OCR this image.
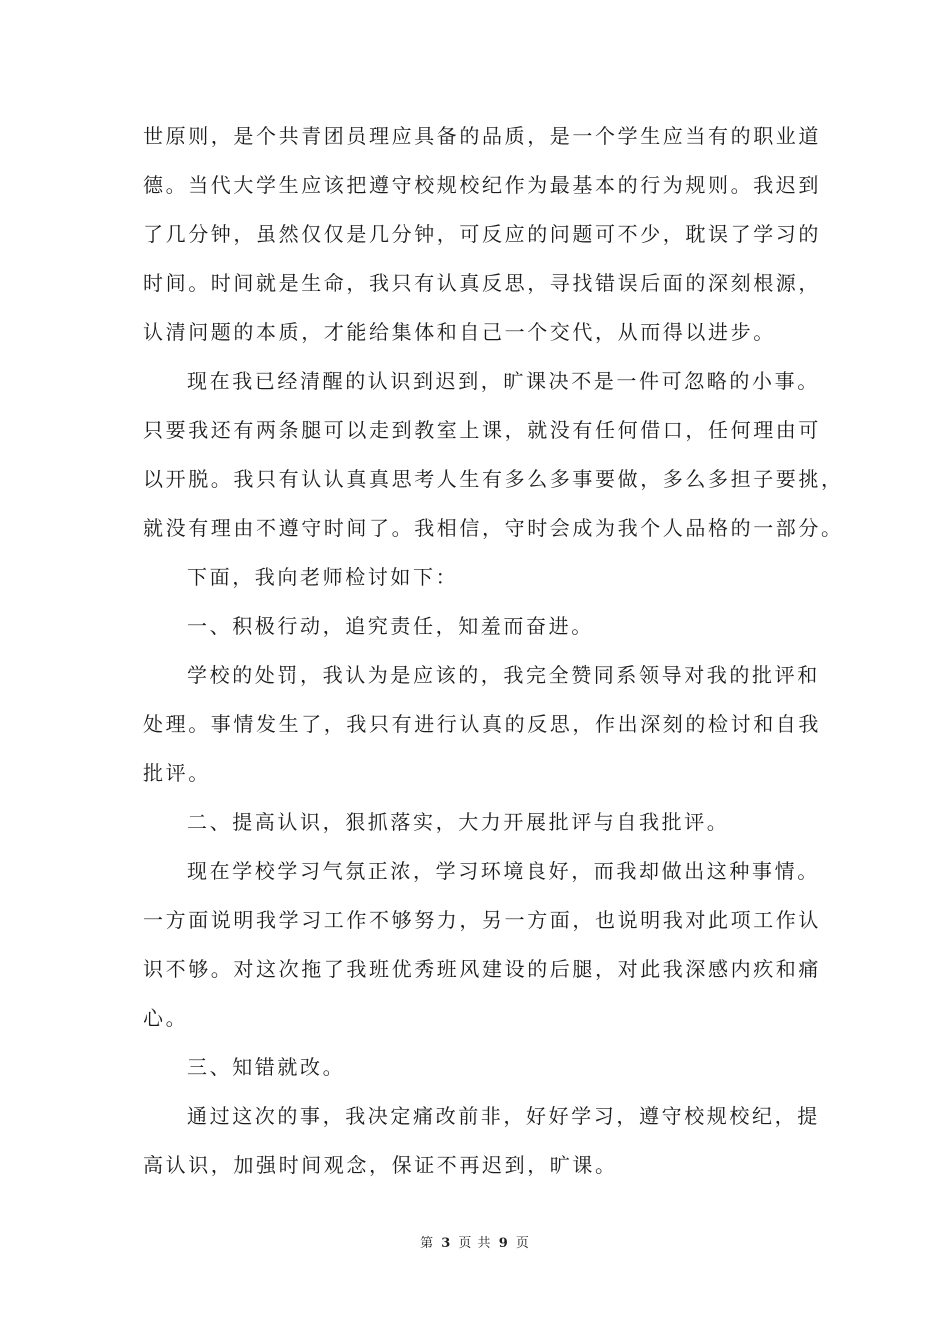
世原则，是个共青团员理应具备的品质，是一个学生应当有的职业道
德。当代大学生应该把遵守校规校纪作为最基本的行为规则。我迟到
了几分钟，虽然仅仅是几分钟，可反应的问题可不少，耽误了学习的
时间。时间就是生命，我只有认真反思，寻找错误后面的深刻根源，
认清问题的本质，才能给集体和自己一个交代，从而得以进步。
现在我已经清醒的认识到迟到，旷课决不是一件可忽略的小事。
只要我还有两条腿可以走到教室上课，就没有任何借口，任何理由可
以开脱。我只有认认真真思考人生有多么多事要做，多么多担子要挑，
就没有理由不遵守时间了。我相信，守时会成为我个人品格的一部分。
下面，我向老师检讨如下：
一、积极行动，追究责任，知羞而奋进。
学校的处罚，我认为是应该的，我完全赞同系领导对我的批评和
处理。事情发生了，我只有进行认真的反思，作出深刻的检讨和自我
批评。
二、提高认识，狠抓落实，大力开展批评与自我批评。
现在学校学习气氛正浓，学习环境良好，而我却做出这种事情。
一方面说明我学习工作不够努力，另一方面，也说明我对此项工作认
识不够。对这次拖了我班优秀班风建设的后腿，对此我深感内疚和痛
心。
三、知错就改。
通过这次的事，我决定痛改前非，好好学习，遵守校规校纪，提
高认识，加强时间观念，保证不再迟到，旷课。
第 3 页 共 9 页
